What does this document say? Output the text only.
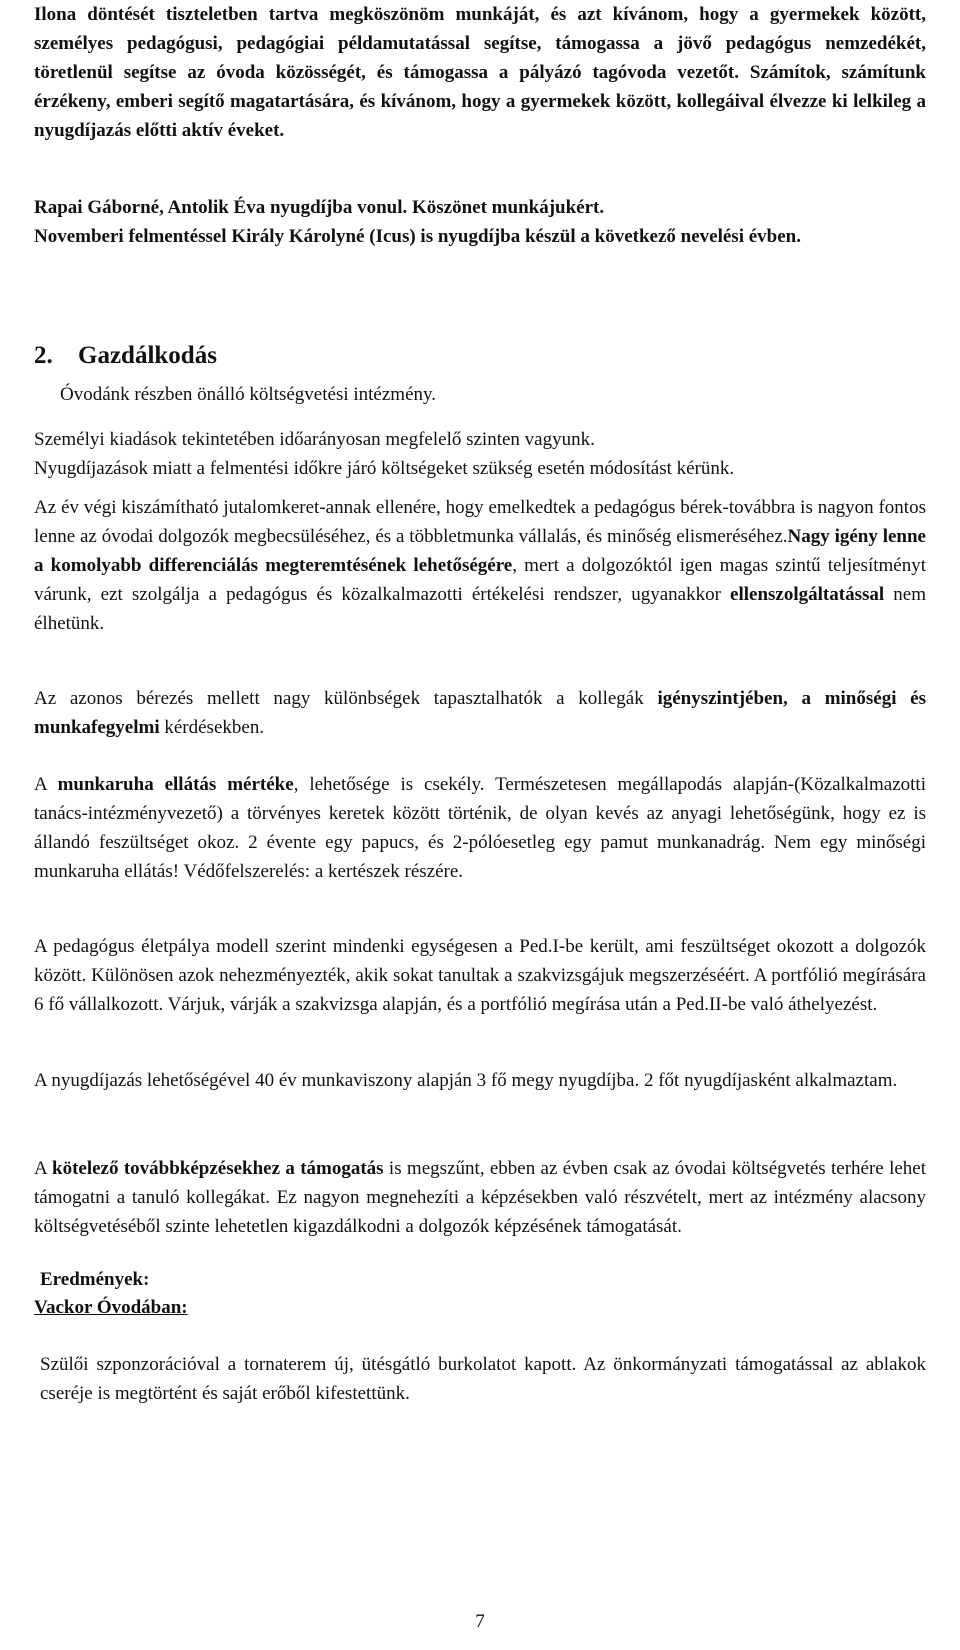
Ilona döntését tiszteletben tartva megköszönöm munkáját, és azt kívánom, hogy a gyermekek között, személyes pedagógusi, pedagógiai példamutatással segítse, támogassa a jövő pedagógus nemzedékét, töretlenül segítse az óvoda közösségét, és támogassa a pályázó tagóvoda vezetőt. Számítok, számítunk érzékeny, emberi segítő magatartására, és kívánom, hogy a gyermekek között, kollegáival élvezze ki lelkileg a nyugdíjazás előtti aktív éveket.

Rapai Gáborné, Antolik Éva nyugdíjba vonul. Köszönet munkájukért.

Novemberi felmentéssel Király Károlyné (Icus) is nyugdíjba készül a következő nevelési évben.

2. Gazdálkodás

Óvodánk részben önálló költségvetési intézmény.

Személyi kiadások tekintetében időarányosan megfelelő szinten vagyunk.

Nyugdíjazások miatt a felmentési időkre járó költségeket szükség esetén módosítást kérünk.

Az év végi kiszámítható jutalomkeret-annak ellenére, hogy emelkedtek a pedagógus bérek-továbbra is nagyon fontos lenne az óvodai dolgozók megbecsüléséhez, és a többletmunka vállalás, és minőség elismeréséhez.Nagy igény lenne a komolyabb differenciálás megteremtésének lehetőségére, mert a dolgozóktól igen magas szintű teljesítményt várunk, ezt szolgálja a pedagógus és közalkalmazotti értékelési rendszer, ugyanakkor ellenszolgáltatással nem élhetünk.

Az azonos bérezés mellett nagy különbségek tapasztalhatók a kollegák igényszintjében, a minőségi és munkafegyelmi kérdésekben.

A munkaruha ellátás mértéke, lehetősége is csekély. Természetesen megállapodás alapján-(Közalkalmazotti tanács-intézményvezető) a törvényes keretek között történik, de olyan kevés az anyagi lehetőségünk, hogy ez is állandó feszültséget okoz. 2 évente egy papucs, és 2-pólóesetleg egy pamut munkanadrág. Nem egy minőségi munkaruha ellátás! Védőfelszerelés: a kertészek részére.

A pedagógus életpálya modell szerint mindenki egységesen a Ped.I-be került, ami feszültséget okozott a dolgozók között. Különösen azok nehezményezték, akik sokat tanultak a szakvizsgájuk megszerzéséért. A portfólió megírására 6 fő vállalkozott. Várjuk, várják a szakvizsga alapján, és a portfólió megírása után a Ped.II-be való áthelyezést.

A nyugdíjazás lehetőségével 40 év munkaviszony alapján 3 fő megy nyugdíjba. 2 főt nyugdíjasként alkalmaztam.

A kötelező továbbképzésekhez a támogatás is megszűnt, ebben az évben csak az óvodai költségvetés terhére lehet támogatni a tanuló kollegákat. Ez nagyon megnehezíti a képzésekben való részvételt, mert az intézmény alacsony költségvetéséből szinte lehetetlen kigazdálkodni a dolgozók képzésének támogatását.

Eredmények:
Vackor Óvodában:

Szülői szponzorációval a tornaterem új, ütésgátló burkolatot kapott. Az önkormányzati támogatással az ablakok cseréje is megtörtént és saját erőből kifestettünk.

7
